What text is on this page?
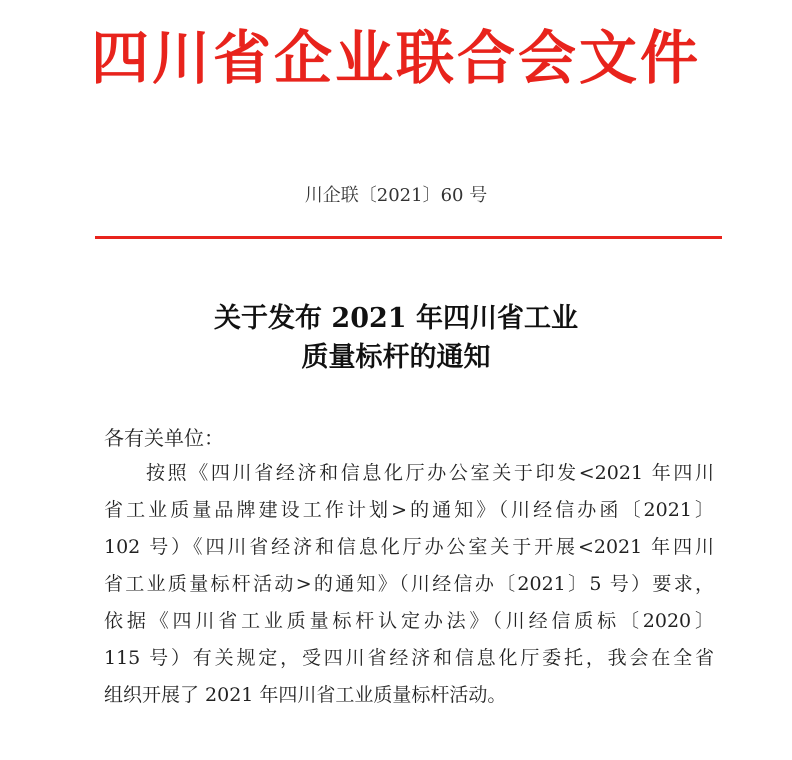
四川省企业联合会文件
川企联〔2021〕60 号
关于发布 2021 年四川省工业
质量标杆的通知
各有关单位：
按照《四川省经济和信息化厅办公室关于印发<2021 年四川
省工业质量品牌建设工作计划>的通知》（川经信办函〔2021〕
102 号）《四川省经济和信息化厅办公室关于开展<2021 年四川
省工业质量标杆活动>的通知》（川经信办〔2021〕5 号）要求，
依据《四川省工业质量标杆认定办法》（川经信质标〔2020〕
115 号）有关规定，受四川省经济和信息化厅委托，我会在全省
组织开展了 2021 年四川省工业质量标杆活动。
